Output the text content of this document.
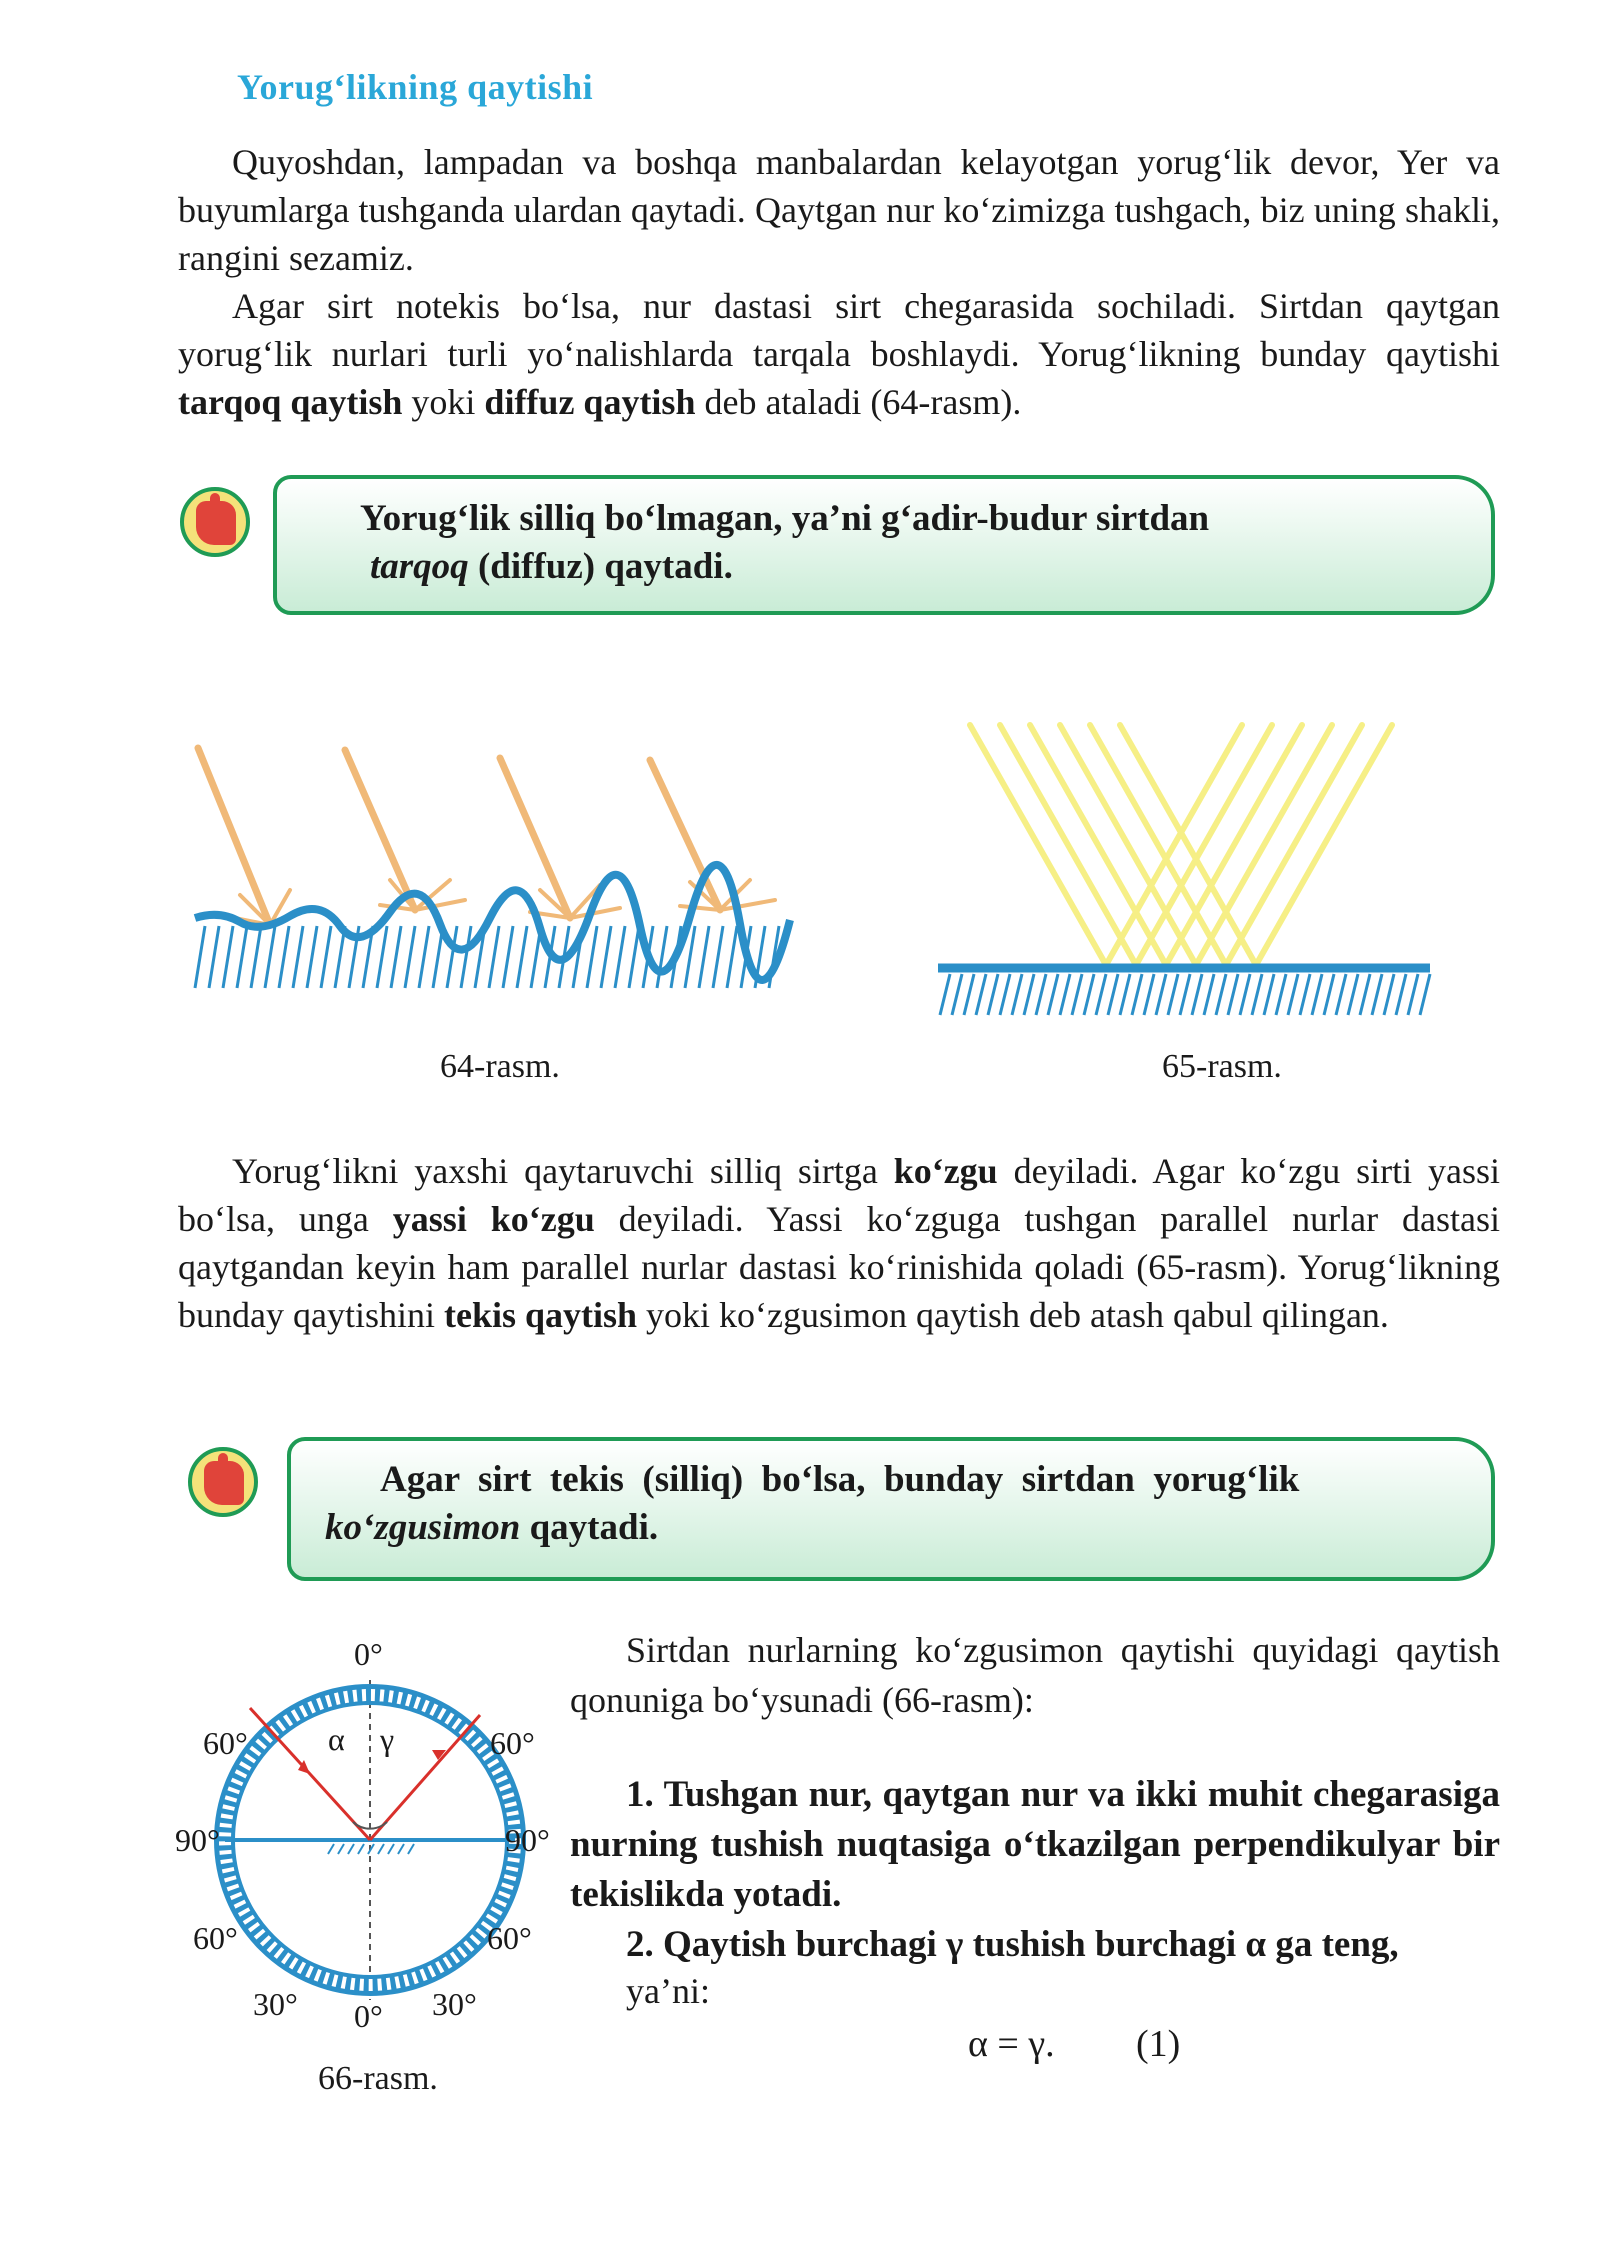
Yorug‘likning qaytishi

Quyoshdan, lampadan va boshqa manbalardan kelayotgan yorug‘lik devor, Yer va buyumlarga tushganda ulardan qaytadi. Qaytgan nur ko‘zimizga tushgach, biz uning shakli, rangini sezamiz.

Agar sirt notekis bo‘lsa, nur dastasi sirt chegarasida sochiladi. Sirtdan qaytgan yorug‘lik nurlari turli yo‘nalishlarda tarqala boshlaydi. Yorug‘likning bunday qaytishi tarqoq qaytish yoki diffuz qaytish deb ataladi (64-rasm).

Yorug‘lik silliq bo‘lmagan, ya’ni g‘adir-budur sirtdan
tarqoq (diffuz) qaytadi.
64-rasm.	65-rasm.

Yorug‘likni yaxshi qaytaruvchi silliq sirtga ko‘zgu deyiladi. Agar ko‘zgu sirti yassi bo‘lsa, unga yassi ko‘zgu deyiladi. Yassi ko‘zguga tushgan parallel nurlar dastasi qaytgandan keyin ham parallel nurlar dastasi ko‘rinishida qoladi (65-rasm). Yorug‘likning bunday qaytishini tekis qaytish yoki ko‘zgusimon qaytish deb atash qabul qilingan.

Agar  sirt  tekis  (silliq)  bo‘lsa,  bunday  sirtdan  yorug‘lik
ko‘zgusimon qaytadi.
α γ
0°
60°	60°
90°	90°
60°	60°
30°	30°
0°
66-rasm.

Sirtdan nurlarning ko‘zgusimon qaytishi quyidagi qaytish qonuniga bo‘ysunadi (66-rasm):

1. Tushgan nur, qaytgan nur va ikki muhit chegarasiga nurning tushish nuqtasiga o‘tkazilgan perpendikulyar bir tekislikda yotadi.

2. Qaytish burchagi γ tushish burchagi α ga teng,
ya’ni:
α = γ. (1)
